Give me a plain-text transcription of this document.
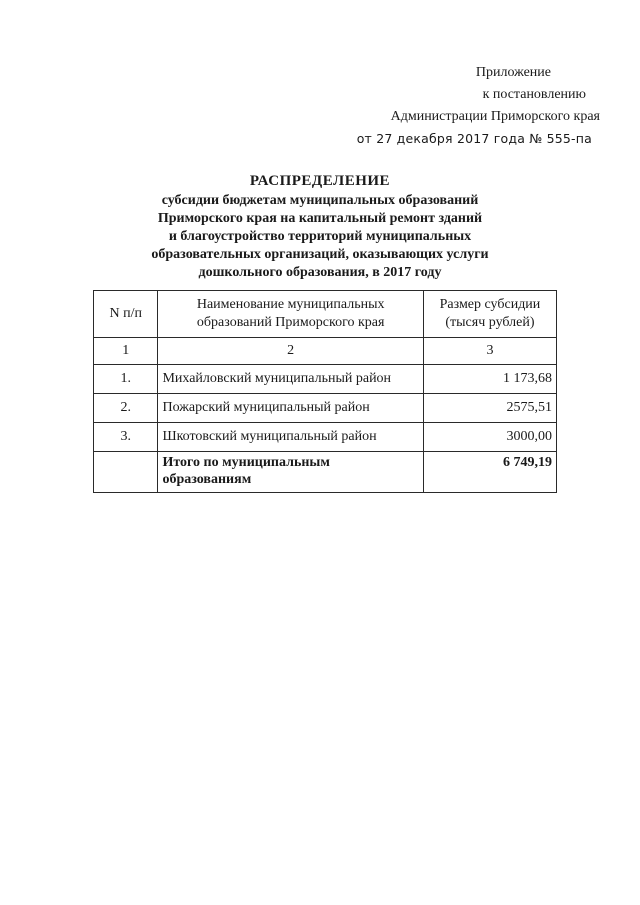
Приложение
к постановлению
Администрации Приморского края
от 27 декабря 2017 года № 555-па
РАСПРЕДЕЛЕНИЕ
субсидии бюджетам муниципальных образований
Приморского края на капитальный ремонт зданий
и благоустройство территорий муниципальных
образовательных организаций, оказывающих услуги
дошкольного образования, в 2017 году
N п/п	Наименование муниципальных образований Приморского края	Размер субсидии (тысяч рублей)
1	2	3
1.	Михайловский муниципальный район	1 173,68
2.	Пожарский муниципальный район	2575,51
3.	Шкотовский муниципальный район	3000,00
	Итого по муниципальным образованиям	6 749,19
